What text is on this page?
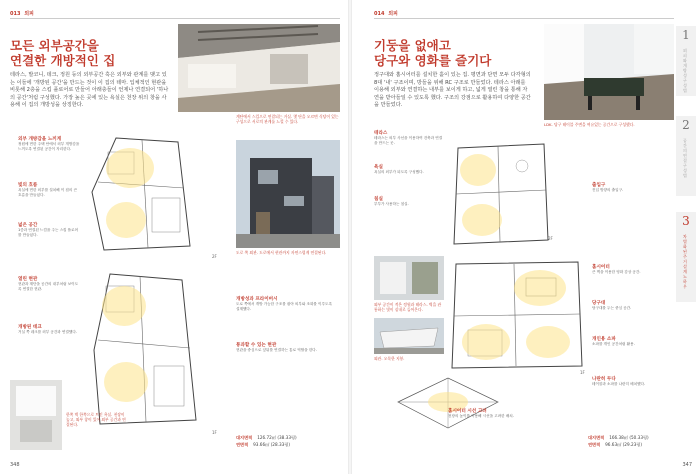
013 외피
모든 외부공간을
연결한 개방적인 집
테라스, 발코니, 데크, 정원 등의 외부공간 혹은 외부와 관계를 맺고 있는 이들에 '개방된 공간'을 만드는 것이 이 집의 테마. 입체적인 현관을 비롯해 2층을 스킵 플로어로 만들어 아래층들이 언제나 연결되어 '하나의 공간'처럼 구성했다. 가장 높은 곳에 있는 욕실은 천장 위의 창을 사용해 이 집의 개방성을 상징한다.
계단에서 스킵으로 연결되는 거실. 몇 단을 오르면 식당이 있는 구성으로 서로의 관계를 느낄 수 있다.
도로 쪽 외관. 도로에서 현관까지 자연스럽게 연결된다.
외부 개방감을 느끼게
정원에 면한 주택 안에서 외부 개방감을 느끼도록 연결된 공간이 자리한다.
빛의 흐름
욕실에 면한 외부를 설치해 이 집의 큰 흐름을 만들었다.
넓은 공간
1층과 연결된 느낌을 주는 스킵 플로어를 만들었다.
열린 현관
현관과 계단을 공간의 내부처럼 보이도록 연결한 현관.
개방된 데크
거실 쪽 데크를 외부 공간과 연결했다.
2F
1F
개방성과 프라이버시
도로 쪽에서 개방 가능한 구조를 잡아 외부와 조화를 이루도록 설계했다.
통과할 수 있는 현관
현관을 중심으로 앞뒤를 연결하는 통로 역할을 한다.
한쪽 벽 한쪽으로 트인 욕실. 천장이 높고, 외부 창이 있어 외부 공간과 연결된다.
대지면적 126.72㎡ (38.33평)
연면적 93.66㎡ (28.33평)
348
014 외피
기둥을 없애고
당구와 영화를 즐기다
정구대와 홈시어터를 설치한 홀이 있는 집. 평면과 단면 모두 다각형의 8대 '내' 구조이며, 방들을 위해 RC 구조로 만들었다. 테라스 아래를 이용해 외부와 연결하는 내부를 보이게 하고, 넓게 열린 창을 통해 자연을 받아들일 수 있도록 했다. 구조의 강점으로 활용하여 다양한 공간을 만들었다.
LDK. 당구 테이블 주변을 여유있는 공간으로 구성했다.
테라스
테라스는 외부 사선을 이용하여 건축과 연결을 만드는 곳.
욕실
욕실의 외부가 되도록 구성했다.
침실
부부가 사용하는 침실.
2F
출입구
진입 방향의 출입구.
외부 공간이 적은 정원과 테라스. 벽을 관통하는 빛이 실내로 들어온다.
외관. 오목한 지붕.
1F
홈시어터
큰 벽을 이용한 영화 감상 공간.
당구대
당구대를 두는 중심 공간.
개인용 소파
소파를 개인 공간처럼 활용.
나란히 두다
테이블과 소파를 나란히 배치했다.
홈시어터 시선 고려
천장의 높이를 이용해 시선을 고려한 배치.
대지면적 166.38㎡ (50.33평)
연면적 96.63㎡ (29.23평)
347
1
외피와 개방성 구성법
2
공간의 연결 구성법
3
차별화된 주거 설계 노하우
